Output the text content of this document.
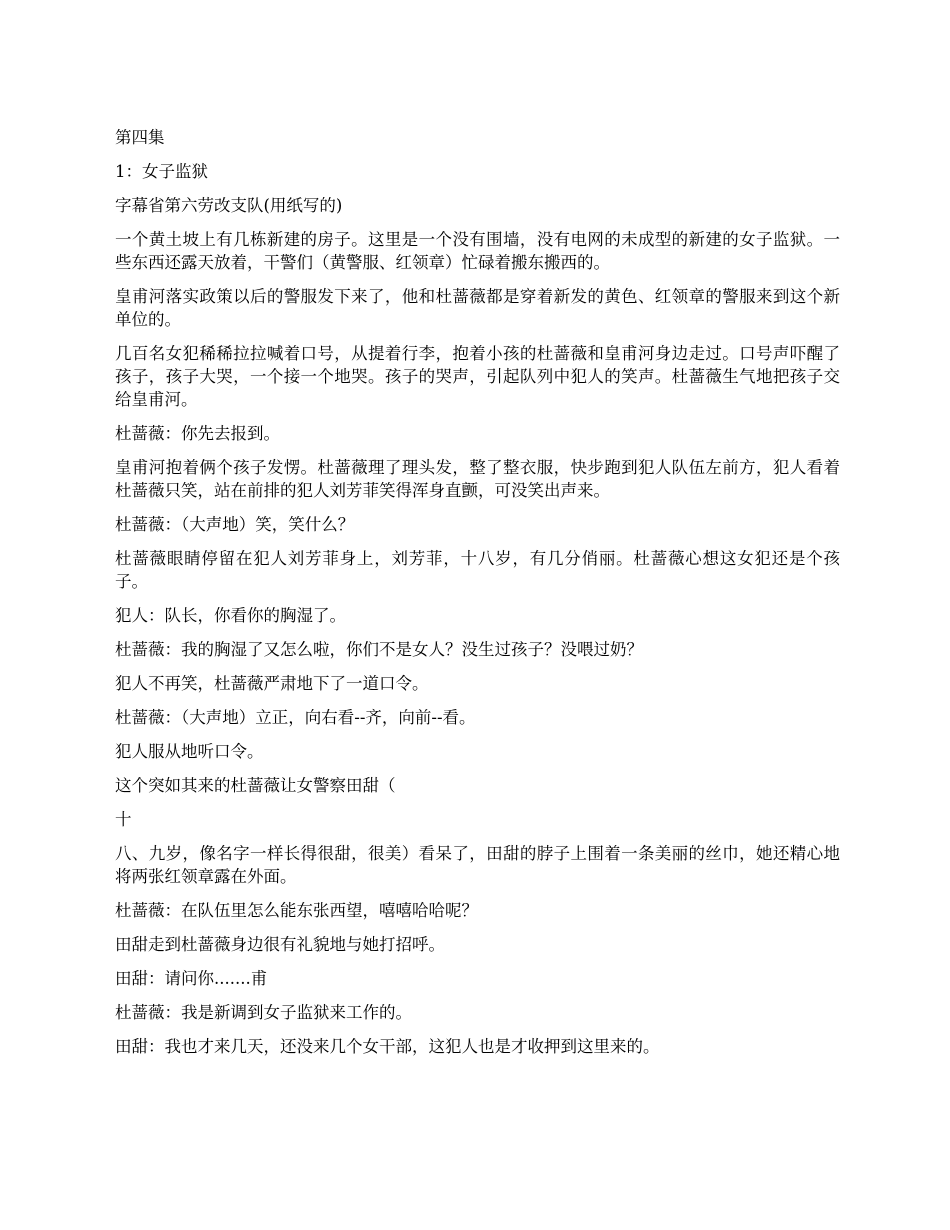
第四集

1：女子监狱

字幕省第六劳改支队(用纸写的)

一个黄土坡上有几栋新建的房子。这里是一个没有围墙，没有电网的未成型的新建的女子监狱。一些东西还露天放着，干警们（黄警服、红领章）忙碌着搬东搬西的。

皇甫河落实政策以后的警服发下来了，他和杜蔷薇都是穿着新发的黄色、红领章的警服来到这个新单位的。

几百名女犯稀稀拉拉喊着口号，从提着行李，抱着小孩的杜蔷薇和皇甫河身边走过。口号声吓醒了孩子，孩子大哭，一个接一个地哭。孩子的哭声，引起队列中犯人的笑声。杜蔷薇生气地把孩子交给皇甫河。

杜蔷薇：你先去报到。

皇甫河抱着俩个孩子发愣。杜蔷薇理了理头发，整了整衣服，快步跑到犯人队伍左前方，犯人看着杜蔷薇只笑，站在前排的犯人刘芳菲笑得浑身直颤，可没笑出声来。

杜蔷薇：（大声地）笑，笑什么？

杜蔷薇眼睛停留在犯人刘芳菲身上，刘芳菲，十八岁，有几分俏丽。杜蔷薇心想这女犯还是个孩子。

犯人：队长，你看你的胸湿了。

杜蔷薇：我的胸湿了又怎么啦，你们不是女人？没生过孩子？没喂过奶？

犯人不再笑，杜蔷薇严肃地下了一道口令。

杜蔷薇：（大声地）立正，向右看--齐，向前--看。

犯人服从地听口令。

这个突如其来的杜蔷薇让女警察田甜（

十

八、九岁，像名字一样长得很甜，很美）看呆了，田甜的脖子上围着一条美丽的丝巾，她还精心地将两张红领章露在外面。

杜蔷薇：在队伍里怎么能东张西望，嘻嘻哈哈呢？

田甜走到杜蔷薇身边很有礼貌地与她打招呼。

田甜：请问你.......甫

杜蔷薇：我是新调到女子监狱来工作的。

田甜：我也才来几天，还没来几个女干部，这犯人也是才收押到这里来的。
